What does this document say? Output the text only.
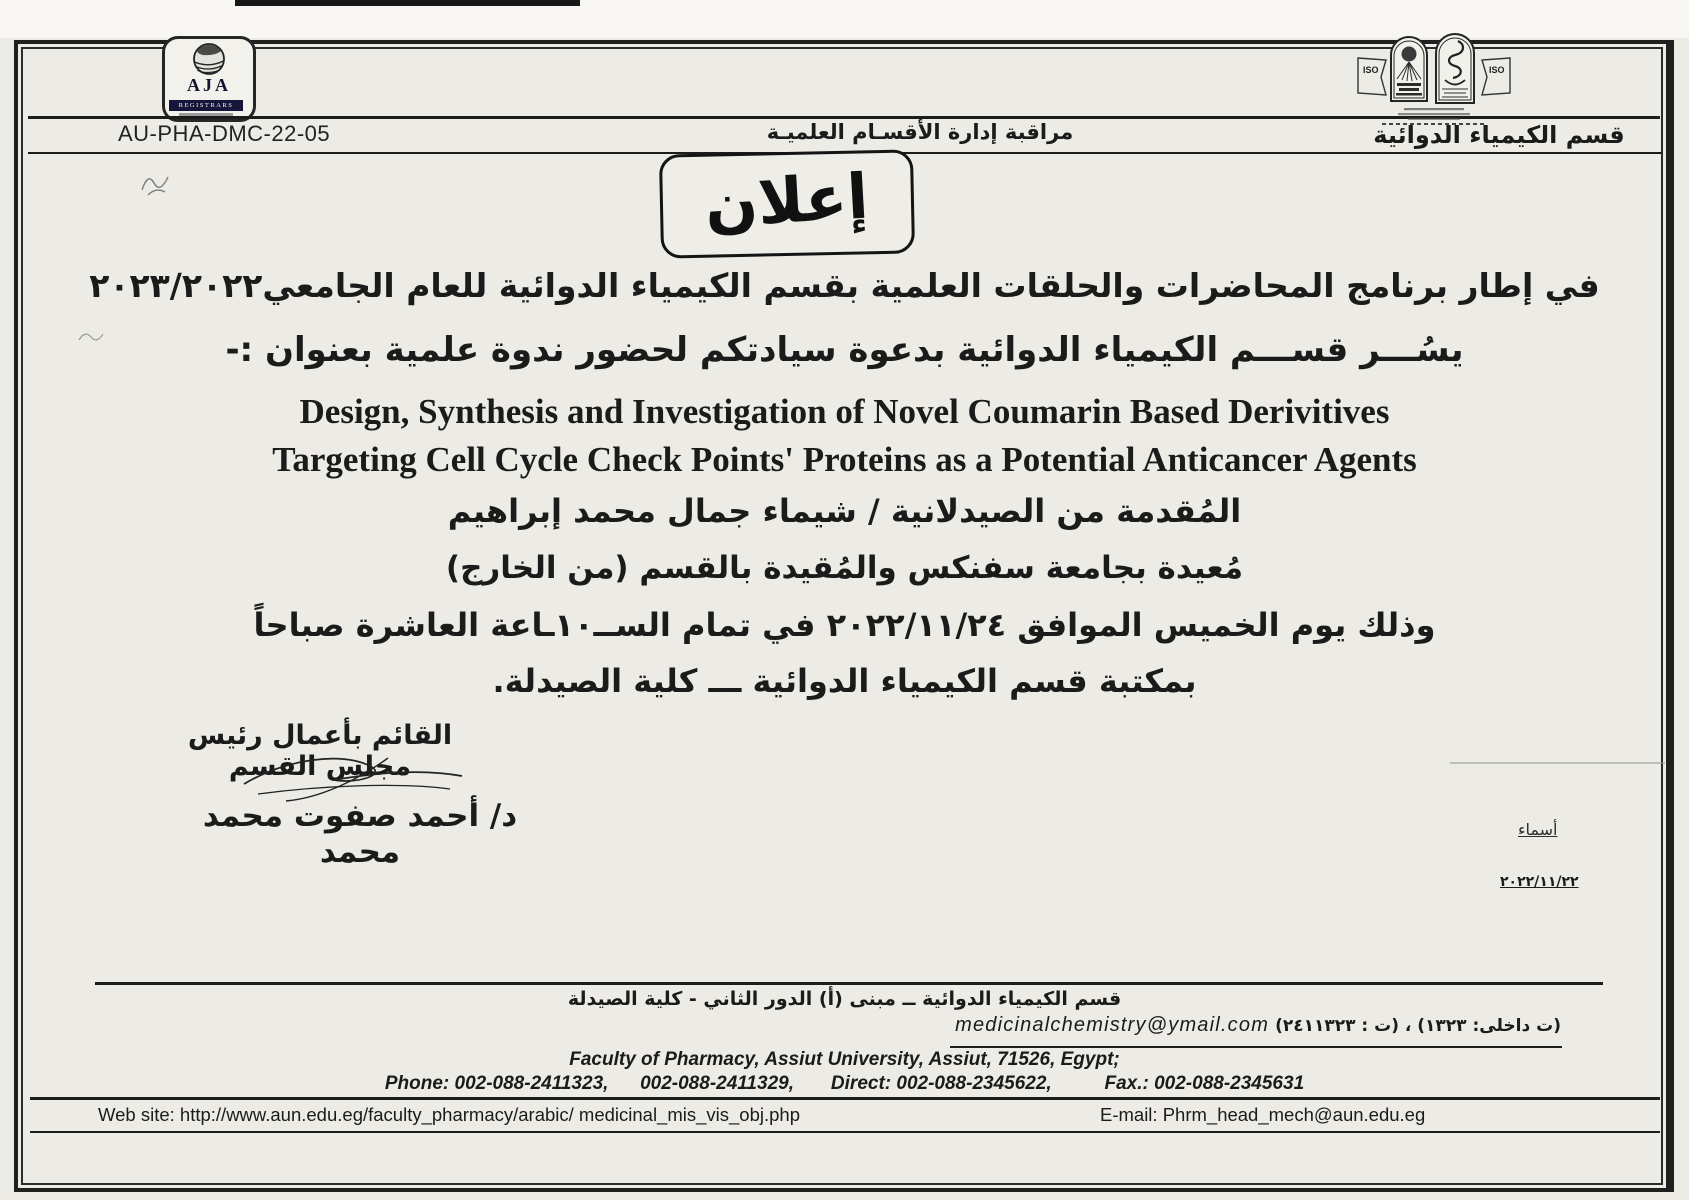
AJA
REGISTRARS
AU-PHA-DMC-22-05	مراقبة إدارة الأقسـام العلميـة	قسم الكيمياء الدوائية
ISO	ISO
إعلان
في إطار برنامج المحاضرات والحلقات العلمية بقسم الكيمياء الدوائية للعام الجامعي٢٠٢٣/٢٠٢٢
يسُـــر قســـم الكيمياء الدوائية بدعوة سيادتكم لحضور ندوة علمية بعنوان :-
Design, Synthesis and Investigation of Novel Coumarin Based Derivitives
Targeting Cell Cycle Check Points' Proteins as a Potential Anticancer Agents
المُقدمة من الصيدلانية / شيماء جمال محمد إبراهيم
مُعيدة بجامعة سفنكس والمُقيدة بالقسم (من الخارج)
وذلك يوم الخميس الموافق ٢٠٢٢/١١/٢٤ في تمام الســ١٠ـاعة العاشرة صباحاً
بمكتبة قسم الكيمياء الدوائية ـــ كلية الصيدلة.
القائم بأعمال رئيس مجلس القسم
د/ أحمد صفوت محمد محمد
أسماء
٢٠٢٢/١١/٢٢
قسم الكيمياء الدوائية ــ مبنى (أ) الدور الثاني - كلية الصيدلة
(ت داخلى: ١٣٢٣) ، (ت : ٢٤١١٣٢٣)
medicinalchemistry@ymail.com
Faculty of Pharmacy, Assiut University, Assiut, 71526, Egypt;
Phone: 002-088-2411323,      002-088-2411329,       Direct: 002-088-2345622,          Fax.: 002-088-2345631
Web site: http://www.aun.edu.eg/faculty_pharmacy/arabic/ medicinal_mis_vis_obj.php	E-mail: Phrm_head_mech@aun.edu.eg
